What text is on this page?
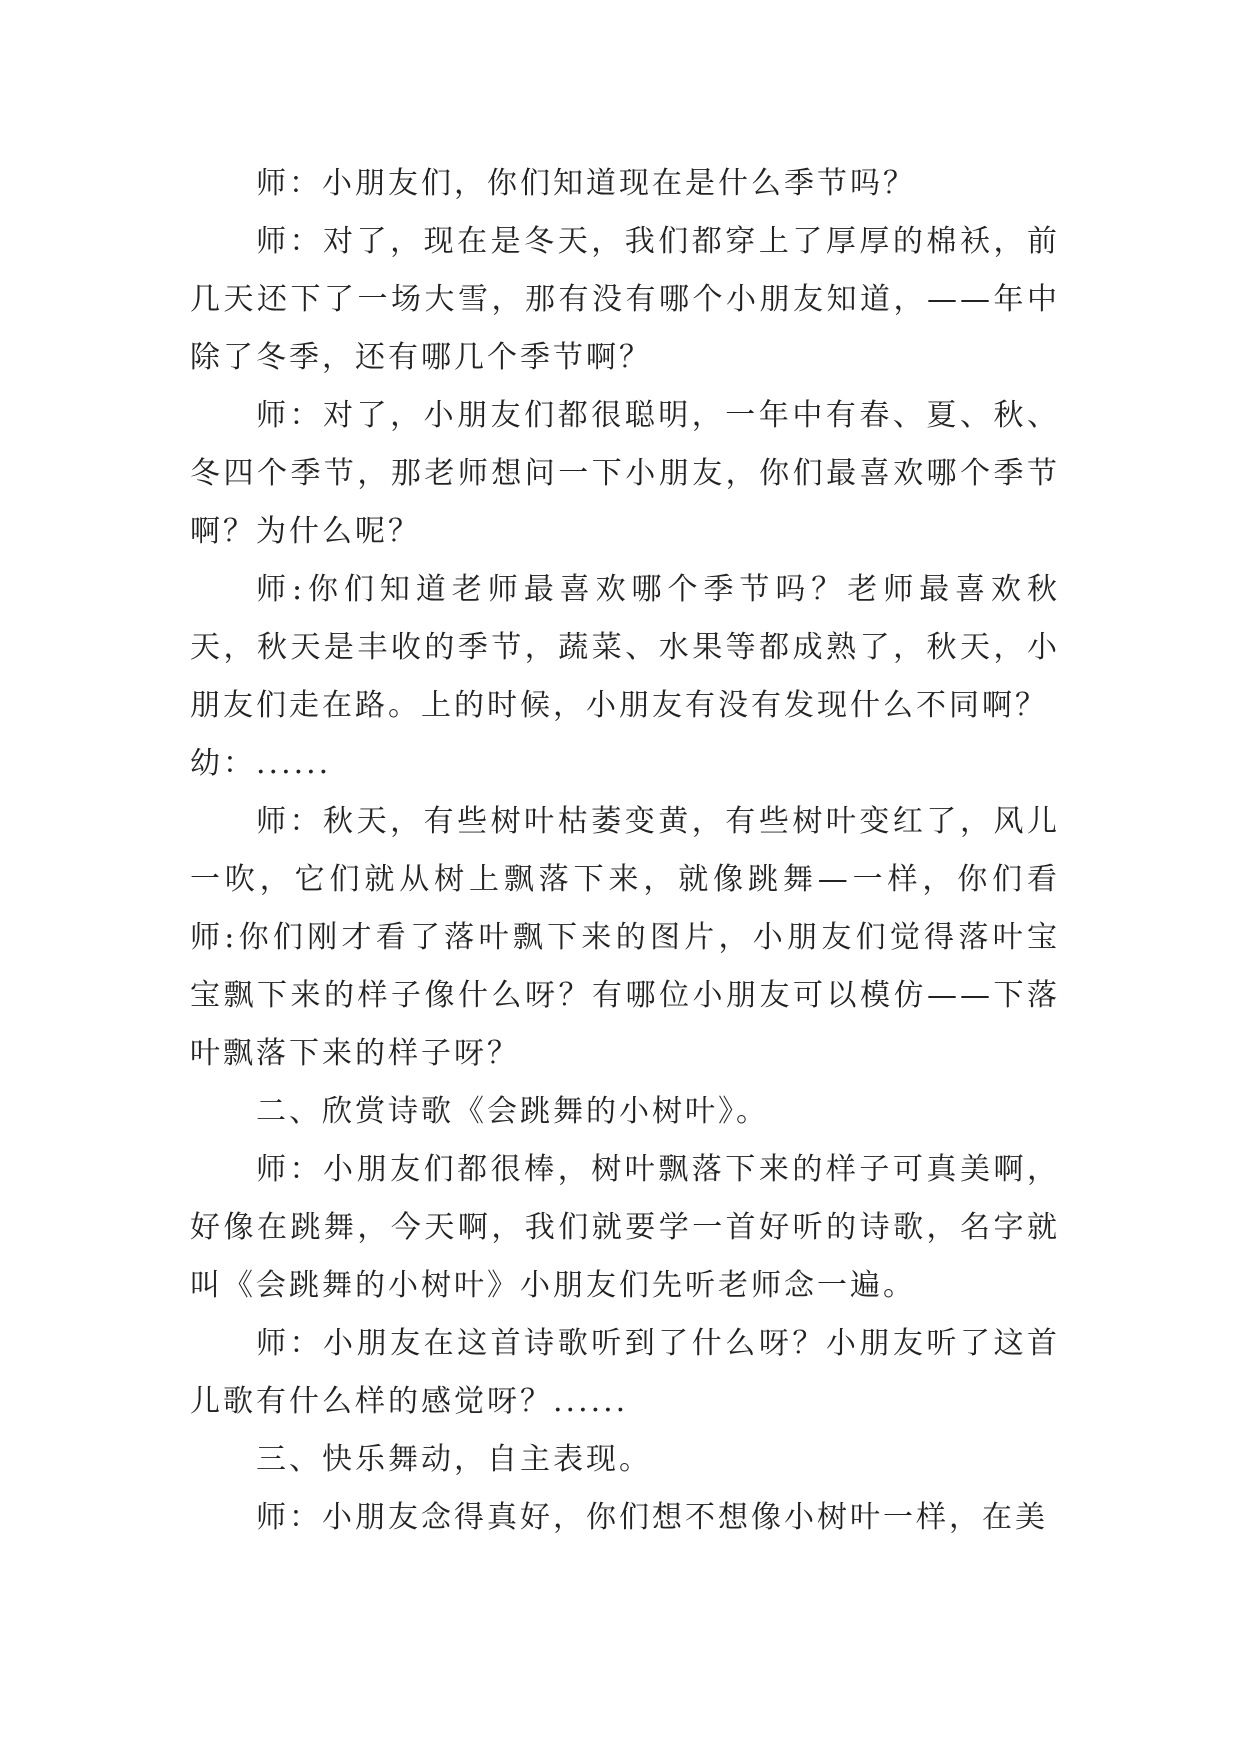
师：小朋友们，你们知道现在是什么季节吗？

师：对了，现在是冬天，我们都穿上了厚厚的棉袄，前几天还下了一场大雪，那有没有哪个小朋友知道，——年中除了冬季，还有哪几个季节啊？

师：对了，小朋友们都很聪明，一年中有春、夏、秋、冬四个季节，那老师想问一下小朋友，你们最喜欢哪个季节啊？为什么呢？

师:你们知道老师最喜欢哪个季节吗？老师最喜欢秋天，秋天是丰收的季节，蔬菜、水果等都成熟了，秋天，小朋友们走在路。上的时候，小朋友有没有发现什么不同啊？

幼：......

师：秋天，有些树叶枯萎变黄，有些树叶变红了，风儿一吹，它们就从树上飘落下来，就像跳舞—一样，你们看师:你们刚才看了落叶飘下来的图片，小朋友们觉得落叶宝宝飘下来的样子像什么呀？有哪位小朋友可以模仿——下落叶飘落下来的样子呀？

二、欣赏诗歌《会跳舞的小树叶》。

师：小朋友们都很棒，树叶飘落下来的样子可真美啊，好像在跳舞，今天啊，我们就要学一首好听的诗歌，名字就叫《会跳舞的小树叶》小朋友们先听老师念一遍。

师：小朋友在这首诗歌听到了什么呀？小朋友听了这首儿歌有什么样的感觉呀？......

三、快乐舞动，自主表现。

师：小朋友念得真好，你们想不想像小树叶一样，在美
